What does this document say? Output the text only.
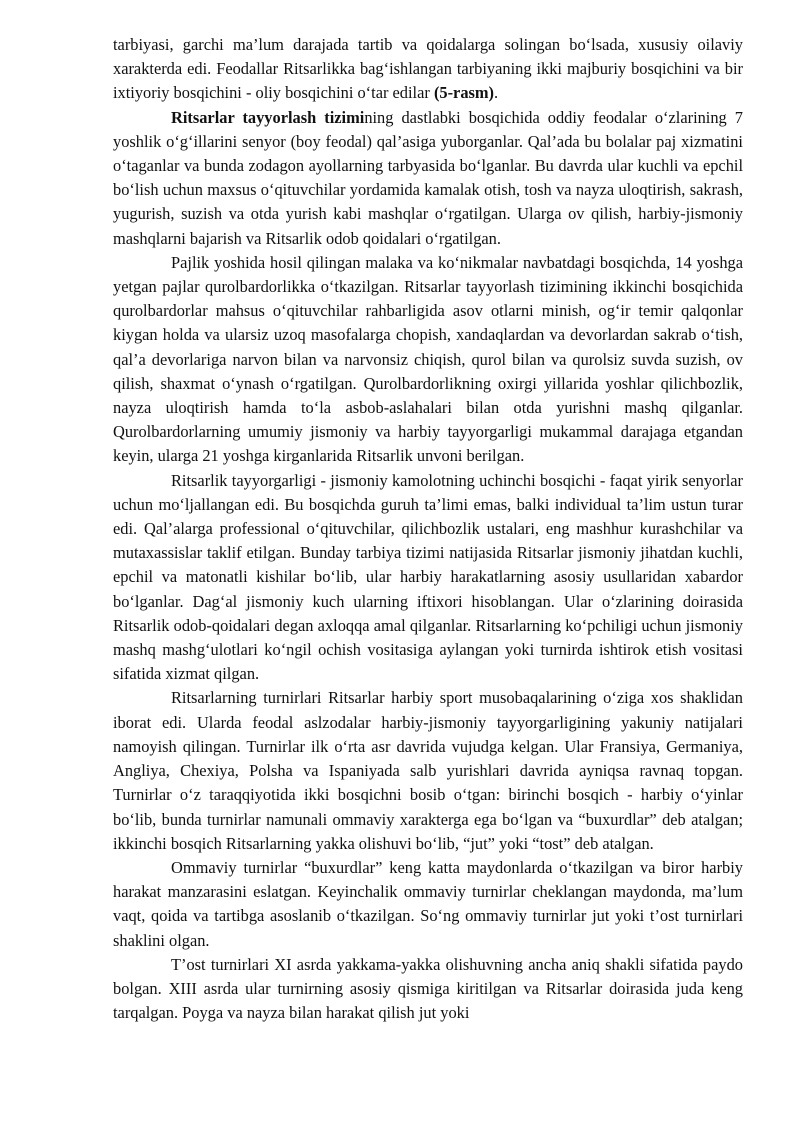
tarbiyasi, garchi ma’lum darajada tartib va qoidalarga solingan bo‘lsada, xususiy oilaviy xarakterda edi. Feodallar Ritsarlikka bag‘ishlangan tarbiyaning ikki majburiy bosqichini va bir ixtiyoriy bosqichini - oliy bosqichini o‘tar edilar (5-rasm).

Ritsarlar tayyorlash tizimining dastlabki bosqichida oddiy feodalar o‘zlarining 7 yoshlik o‘g‘illarini senyor (boy feodal) qal’asiga yuborganlar. Qal’ada bu bolalar paj xizmatini o‘taganlar va bunda zodagon ayollarning tarbyasida bo‘lganlar. Bu davrda ular kuchli va epchil bo‘lish uchun maxsus o‘qituvchilar yordamida kamalak otish, tosh va nayza uloqtirish, sakrash, yugurish, suzish va otda yurish kabi mashqlar o‘rgatilgan. Ularga ov qilish, harbiy-jismoniy mashqlarni bajarish va Ritsarlik odob qoidalari o‘rgatilgan.

Pajlik yoshida hosil qilingan malaka va ko‘nikmalar navbatdagi bosqichda, 14 yoshga yetgan pajlar qurolbardorlikka o‘tkazilgan. Ritsarlar tayyorlash tizimining ikkinchi bosqichida qurolbardorlar mahsus o‘qituvchilar rahbarligida asov otlarni minish, og‘ir temir qalqonlar kiygan holda va ularsiz uzoq masofalarga chopish, xandaqlardan va devorlardan sakrab o‘tish, qal’a devorlariga narvon bilan va narvonsiz chiqish, qurol bilan va qurolsiz suvda suzish, ov qilish, shaxmat o‘ynash o‘rgatilgan. Qurolbardorlikning oxirgi yillarida yoshlar qilichbozlik, nayza uloqtirish hamda to‘la asbob-aslahalari bilan otda yurishni mashq qilganlar. Qurolbardorlarning umumiy jismoniy va harbiy tayyorgarligi mukammal darajaga etgandan keyin, ularga 21 yoshga kirganlarida Ritsarlik unvoni berilgan.

Ritsarlik tayyorgarligi - jismoniy kamolotning uchinchi bosqichi - faqat yirik senyorlar uchun mo‘ljallangan edi. Bu bosqichda guruh ta’limi emas, balki individual ta’lim ustun turar edi. Qal’alarga professional o‘qituvchilar, qilichbozlik ustalari, eng mashhur kurashchilar va mutaxassislar taklif etilgan. Bunday tarbiya tizimi natijasida Ritsarlar jismoniy jihatdan kuchli, epchil va matonatli kishilar bo‘lib, ular harbiy harakatlarning asosiy usullaridan xabardor bo‘lganlar. Dag‘al jismoniy kuch ularning iftixori hisoblangan. Ular o‘zlarining doirasida Ritsarlik odob-qoidalari degan axloqqa amal qilganlar. Ritsarlarning ko‘pchiligi uchun jismoniy mashq mashg‘ulotlari ko‘ngil ochish vositasiga aylangan yoki turnirda ishtirok etish vositasi sifatida xizmat qilgan.

Ritsarlarning turnirlari Ritsarlar harbiy sport musobaqalarining o‘ziga xos shaklidan iborat edi. Ularda feodal aslzodalar harbiy-jismoniy tayyorgarligining yakuniy natijalari namoyish qilingan. Turnirlar ilk o‘rta asr davrida vujudga kelgan. Ular Fransiya, Germaniya, Angliya, Chexiya, Polsha va Ispaniyada salb yurishlari davrida ayniqsa ravnaq topgan. Turnirlar o‘z taraqqiyotida ikki bosqichni bosib o‘tgan: birinchi bosqich - harbiy o‘yinlar bo‘lib, bunda turnirlar namunali ommaviy xarakterga ega bo‘lgan va “buxurdlar” deb atalgan; ikkinchi bosqich Ritsarlarning yakka olishuvi bo‘lib, “jut” yoki “tost” deb atalgan.

Ommaviy turnirlar “buxurdlar” keng katta maydonlarda o‘tkazilgan va biror harbiy harakat manzarasini eslatgan. Keyinchalik ommaviy turnirlar cheklangan maydonda, ma’lum vaqt, qoida va tartibga asoslanib o‘tkazilgan. So‘ng ommaviy turnirlar jut yoki t’ost turnirlari shaklini olgan.

T’ost turnirlari XI asrda yakkama-yakka olishuvning ancha aniq shakli sifatida paydo bolgan. XIII asrda ular turnirning asosiy qismiga kiritilgan va Ritsarlar doirasida juda keng tarqalgan. Poyga va nayza bilan harakat qilish jut yoki
